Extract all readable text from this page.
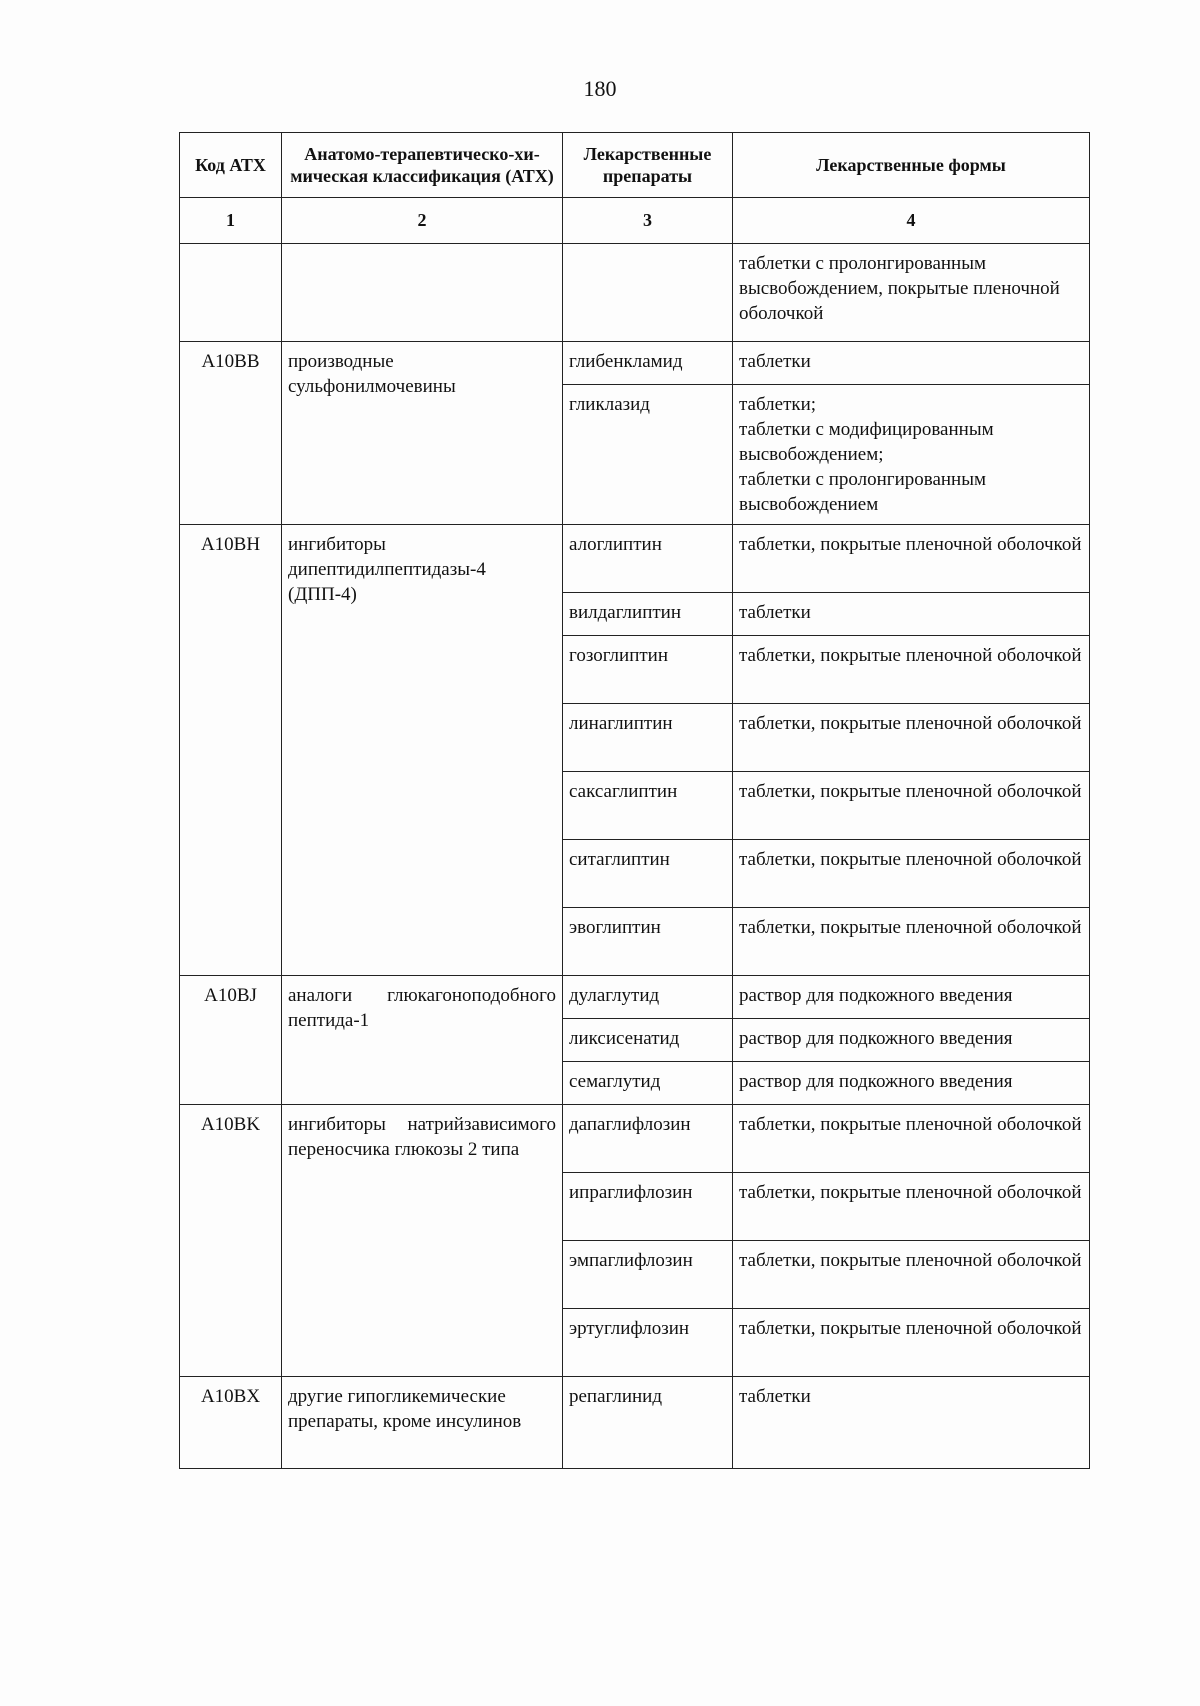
180
Код АТХ	Анатомо-терапевтическо-хи-мическая классификация (АТХ)	Лекарственные препараты	Лекарственные формы
1	2	3	4
			таблетки с пролонгированным высвобождением, покрытые пленочной оболочкой
A10BB	производные сульфонилмочевины	глибенкламид	таблетки
		гликлазид	таблетки;
таблетки с модифицированным высвобождением;
таблетки с пролонгированным высвобождением
A10BH	ингибиторы дипептидилпептидазы-4 (ДПП-4)	алоглиптин	таблетки, покрытые пленочной оболочкой
		вилдаглиптин	таблетки
		гозоглиптин	таблетки, покрытые пленочной оболочкой
		линаглиптин	таблетки, покрытые пленочной оболочкой
		саксаглиптин	таблетки, покрытые пленочной оболочкой
		ситаглиптин	таблетки, покрытые пленочной оболочкой
		эвоглиптин	таблетки, покрытые пленочной оболочкой
A10BJ	аналоги глюкагоноподобного пептида-1	дулаглутид	раствор для подкожного введения
		ликсисенатид	раствор для подкожного введения
		семаглутид	раствор для подкожного введения
A10BK	ингибиторы натрийзависимого переносчика глюкозы 2 типа	дапаглифлозин	таблетки, покрытые пленочной оболочкой
		ипраглифлозин	таблетки, покрытые пленочной оболочкой
		эмпаглифлозин	таблетки, покрытые пленочной оболочкой
		эртуглифлозин	таблетки, покрытые пленочной оболочкой
A10BX	другие гипогликемические препараты, кроме инсулинов	репаглинид	таблетки
